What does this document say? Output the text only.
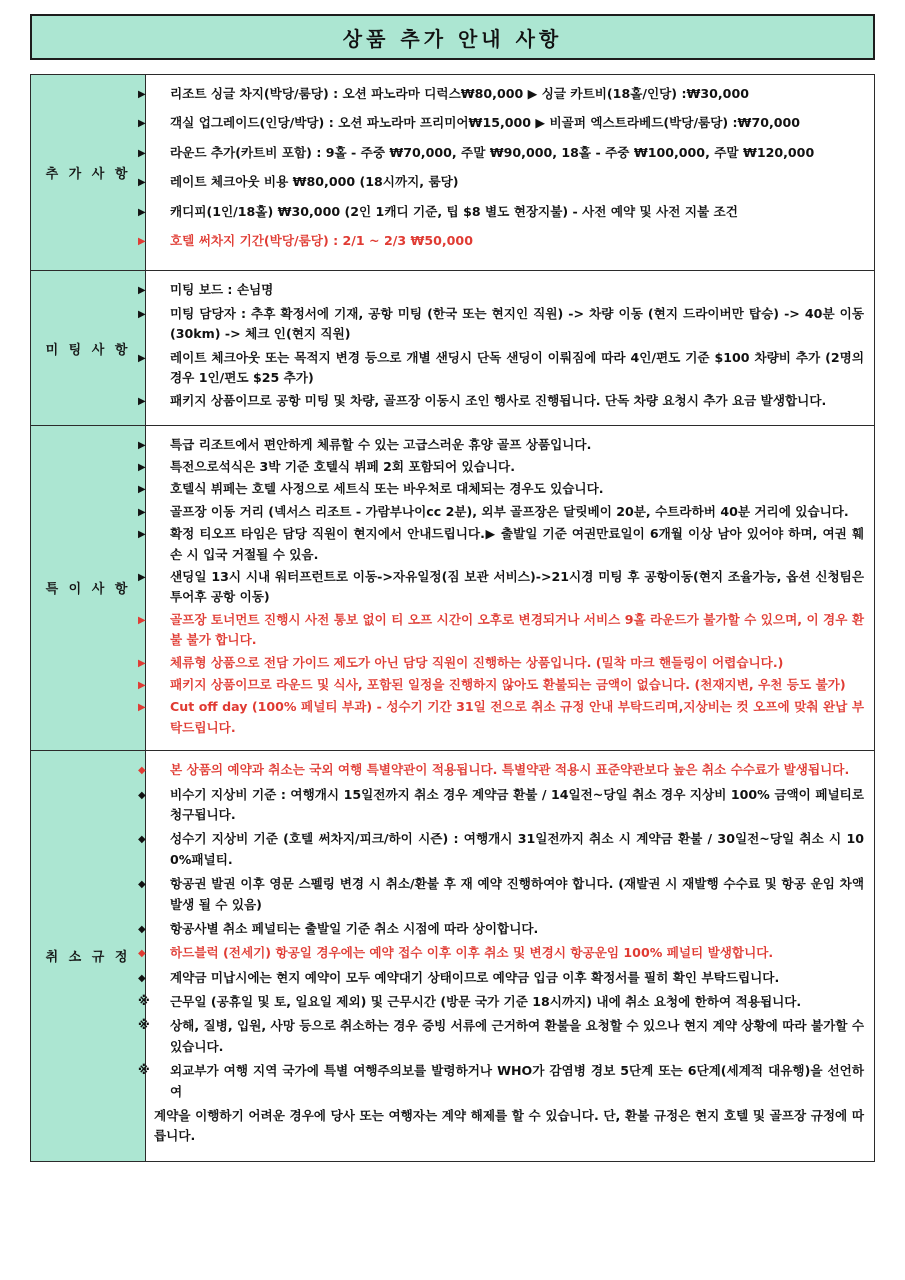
상품 추가 안내 사항
추 가 사 항	
▶리조트 싱글 차지(박당/룸당) : 오션 파노라마 디럭스₩80,000 ▶ 싱글 카트비(18홀/인당) :₩30,000
▶객실 업그레이드(인당/박당) : 오션 파노라마 프리미어₩15,000 ▶ 비골퍼 엑스트라베드(박당/룸당) :₩70,000
▶라운드 추가(카트비 포함) : 9홀 - 주중 ₩70,000, 주말 ₩90,000, 18홀 - 주중 ₩100,000, 주말 ₩120,000
▶레이트 체크아웃 비용 ₩80,000 (18시까지, 룸당)
▶캐디피(1인/18홀) ₩30,000 (2인 1캐디 기준, 팁 $8 별도 현장지불) - 사전 예약 및 사전 지불 조건
▶호텔 써차지 기간(박당/룸당) : 2/1 ~ 2/3 ₩50,000

미 팅 사 항	
▶미팅 보드 : 손님명
▶미팅 담당자 : 추후 확정서에 기재, 공항 미팅 (한국 또는 현지인 직원) -> 차량 이동 (현지 드라이버만 탑승) -> 40분 이동 (30km) -> 체크 인(현지 직원)
▶레이트 체크아웃 또는 목적지 변경 등으로 개별 샌딩시 단독 샌딩이 이뤄짐에 따라 4인/편도 기준 $100 차량비 추가 (2명의 경우 1인/편도 $25 추가)
▶패키지 상품이므로 공항 미팅 및 차량, 골프장 이동시 조인 행사로 진행됩니다. 단독 차량 요청시 추가 요금 발생합니다.

특 이 사 항	
▶특급 리조트에서 편안하게 체류할 수 있는 고급스러운 휴양 골프 상품입니다.
▶특전으로석식은 3박 기준 호텔식 뷔페 2회 포함되어 있습니다.
▶호텔식 뷔페는 호텔 사정으로 세트식 또는 바우처로 대체되는 경우도 있습니다.
▶골프장 이동 거리 (넥서스 리조트 - 가람부나이cc 2분), 외부 골프장은 달릿베이 20분, 수트라하버 40분 거리에 있습니다.
▶확정 티오프 타임은 담당 직원이 현지에서 안내드립니다.▶ 출발일 기준 여권만료일이 6개월 이상 남아 있어야 하며, 여권 훼손 시 입국 거절될 수 있음.
▶샌딩일 13시 시내 워터프런트로 이동->자유일정(짐 보관 서비스)->21시경 미팅 후 공항이동(현지 조율가능, 옵션 신청팀은 투어후 공항 이동)
▶골프장 토너먼트 진행시 사전 통보 없이 티 오프 시간이 오후로 변경되거나 서비스 9홀 라운드가 불가할 수 있으며, 이 경우 환불 불가 합니다.
▶체류형 상품으로 전담 가이드 제도가 아닌 담당 직원이 진행하는 상품입니다. (밀착 마크 핸들링이 어렵습니다.)
▶패키지 상품이므로 라운드 및 식사, 포함된 일정을 진행하지 않아도 환불되는 금액이 없습니다. (천재지변, 우천 등도 불가)
▶Cut off day (100% 페널티 부과) - 성수기 기간 31일 전으로 취소 규정 안내 부탁드리며,지상비는 컷 오프에 맞춰 완납 부탁드립니다.

취 소 규 정	
◆본 상품의 예약과 취소는 국외 여행 특별약관이 적용됩니다. 특별약관 적용시 표준약관보다 높은 취소 수수료가 발생됩니다.
◆비수기 지상비 기준 : 여행개시 15일전까지 취소 경우 계약금 환불 / 14일전~당일 취소 경우 지상비 100% 금액이 페널티로 청구됩니다.
◆성수기 지상비 기준 (호텔 써차지/피크/하이 시즌) : 여행개시 31일전까지 취소 시 계약금 환불 / 30일전~당일 취소 시 100%패널티.
◆항공권 발권 이후 영문 스펠링 변경 시 취소/환불 후 재 예약 진행하여야 합니다. (재발권 시 재발행 수수료 및 항공 운임 차액 발생 될 수 있음)
◆항공사별 취소 페널티는 출발일 기준 취소 시점에 따라 상이합니다.
◆하드블럭 (전세기) 항공일 경우에는 예약 접수 이후 이후 취소 및 변경시 항공운임 100% 페널티 발생합니다.
◆계약금 미납시에는 현지 예약이 모두 예약대기 상태이므로 예약금 입금 이후 확정서를 필히 확인 부탁드립니다.
※근무일 (공휴일 및 토, 일요일 제외) 및 근무시간 (방문 국가 기준 18시까지) 내에 취소 요청에 한하여 적용됩니다.
※상해, 질병, 입원, 사망 등으로 취소하는 경우 증빙 서류에 근거하여 환불을 요청할 수 있으나 현지 계약 상황에 따라 불가할 수 있습니다.
※외교부가 여행 지역 국가에 특별 여행주의보를 발령하거나 WHO가 감염병 경보 5단계 또는 6단계(세계적 대유행)을 선언하여
계약을 이행하기 어려운 경우에 당사 또는 여행자는 계약 해제를 할 수 있습니다. 단, 환불 규정은 현지 호텔 및 골프장 규정에 따릅니다.
